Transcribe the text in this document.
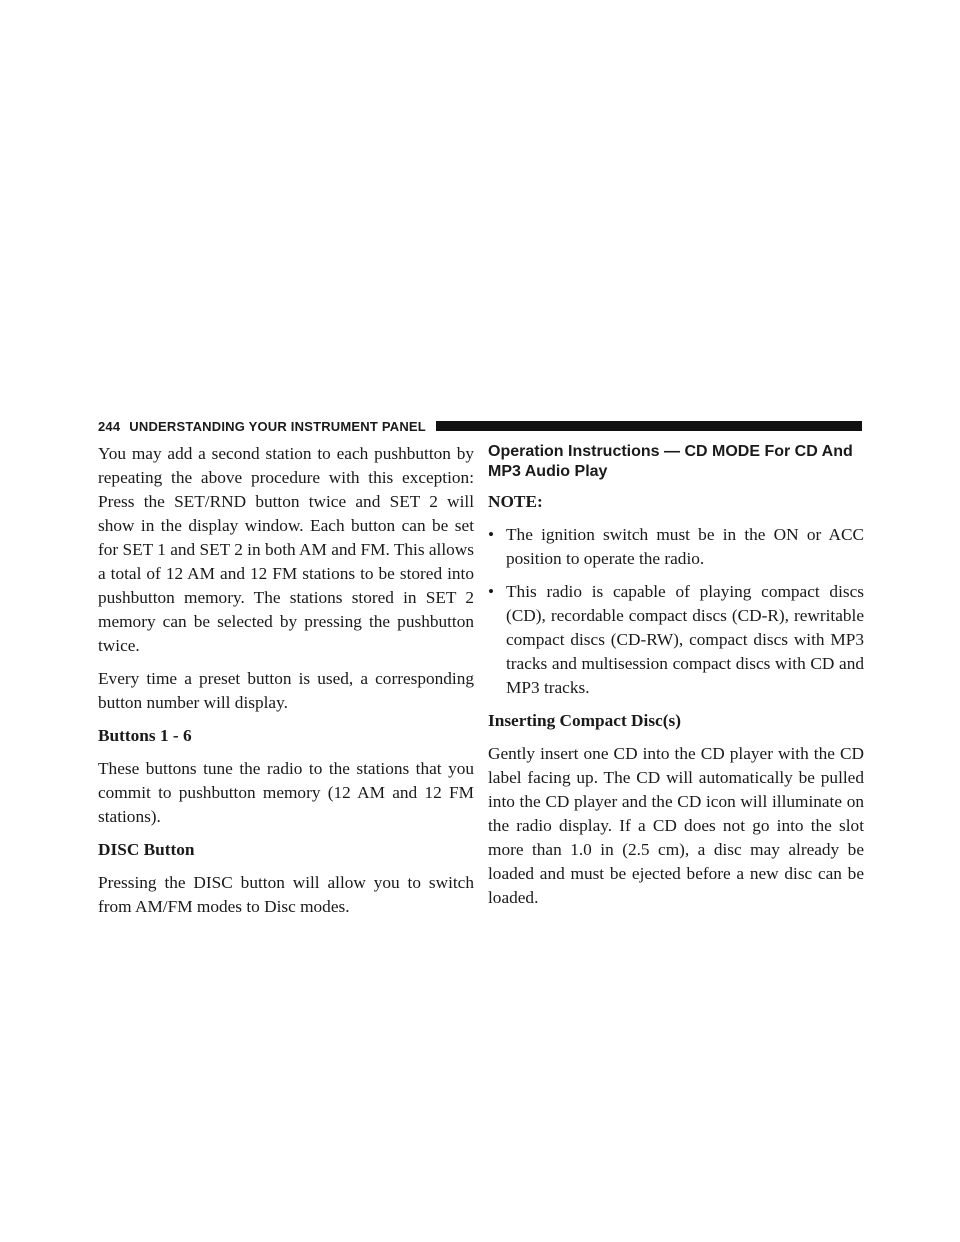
244 UNDERSTANDING YOUR INSTRUMENT PANEL

You may add a second station to each pushbutton by repeating the above procedure with this exception: Press the SET/RND button twice and SET 2 will show in the display window. Each button can be set for SET 1 and SET 2 in both AM and FM. This allows a total of 12 AM and 12 FM stations to be stored into pushbutton memory. The stations stored in SET 2 memory can be selected by pressing the pushbutton twice.

Every time a preset button is used, a corresponding button number will display.

Buttons 1 - 6

These buttons tune the radio to the stations that you commit to pushbutton memory (12 AM and 12 FM stations).

DISC Button

Pressing the DISC button will allow you to switch from AM/FM modes to Disc modes.

Operation Instructions — CD MODE For CD And MP3 Audio Play
NOTE:
• The ignition switch must be in the ON or ACC position to operate the radio.
• This radio is capable of playing compact discs (CD), recordable compact discs (CD-R), rewritable compact discs (CD-RW), compact discs with MP3 tracks and multisession compact discs with CD and MP3 tracks.
Inserting Compact Disc(s)

Gently insert one CD into the CD player with the CD label facing up. The CD will automatically be pulled into the CD player and the CD icon will illuminate on the radio display. If a CD does not go into the slot more than 1.0 in (2.5 cm), a disc may already be loaded and must be ejected before a new disc can be loaded.
